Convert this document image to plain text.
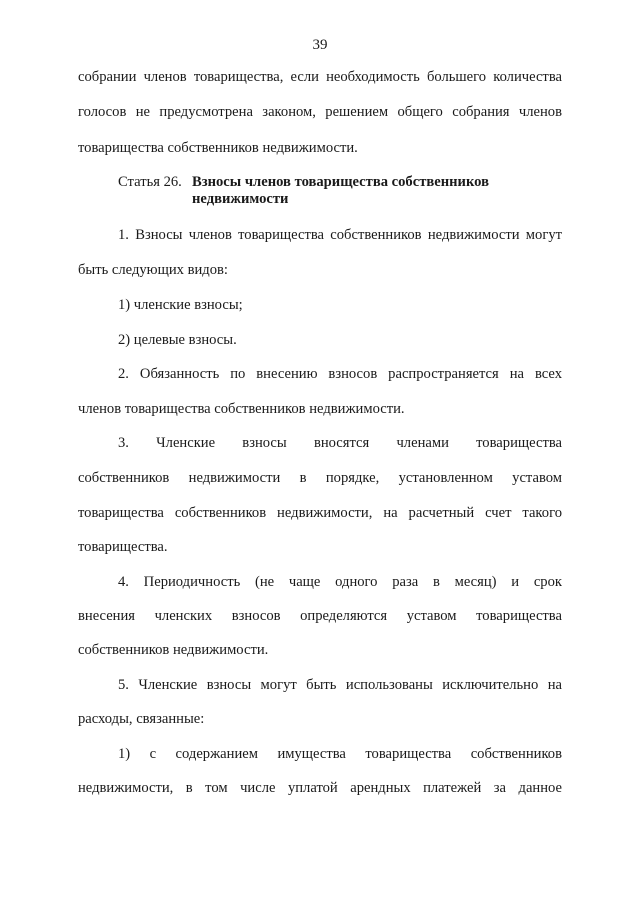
39
собрании членов товарищества, если необходимость большего количества
голосов не предусмотрена законом, решением общего собрания членов
товарищества собственников недвижимости.
Статья 26. Взносы членов товарищества собственников
недвижимости
1. Взносы членов товарищества собственников недвижимости могут
быть следующих видов:
1) членские взносы;
2) целевые взносы.
2. Обязанность по внесению взносов распространяется на всех
членов товарищества собственников недвижимости.
3. Членские взносы вносятся членами товарищества
собственников недвижимости в порядке, установленном уставом
товарищества собственников недвижимости, на расчетный счет такого
товарищества.
4. Периодичность (не чаще одного раза в месяц) и срок
внесения членских взносов определяются уставом товарищества
собственников недвижимости.
5. Членские взносы могут быть использованы исключительно на
расходы, связанные:
1) с содержанием имущества товарищества собственников
недвижимости, в том числе уплатой арендных платежей за данное
